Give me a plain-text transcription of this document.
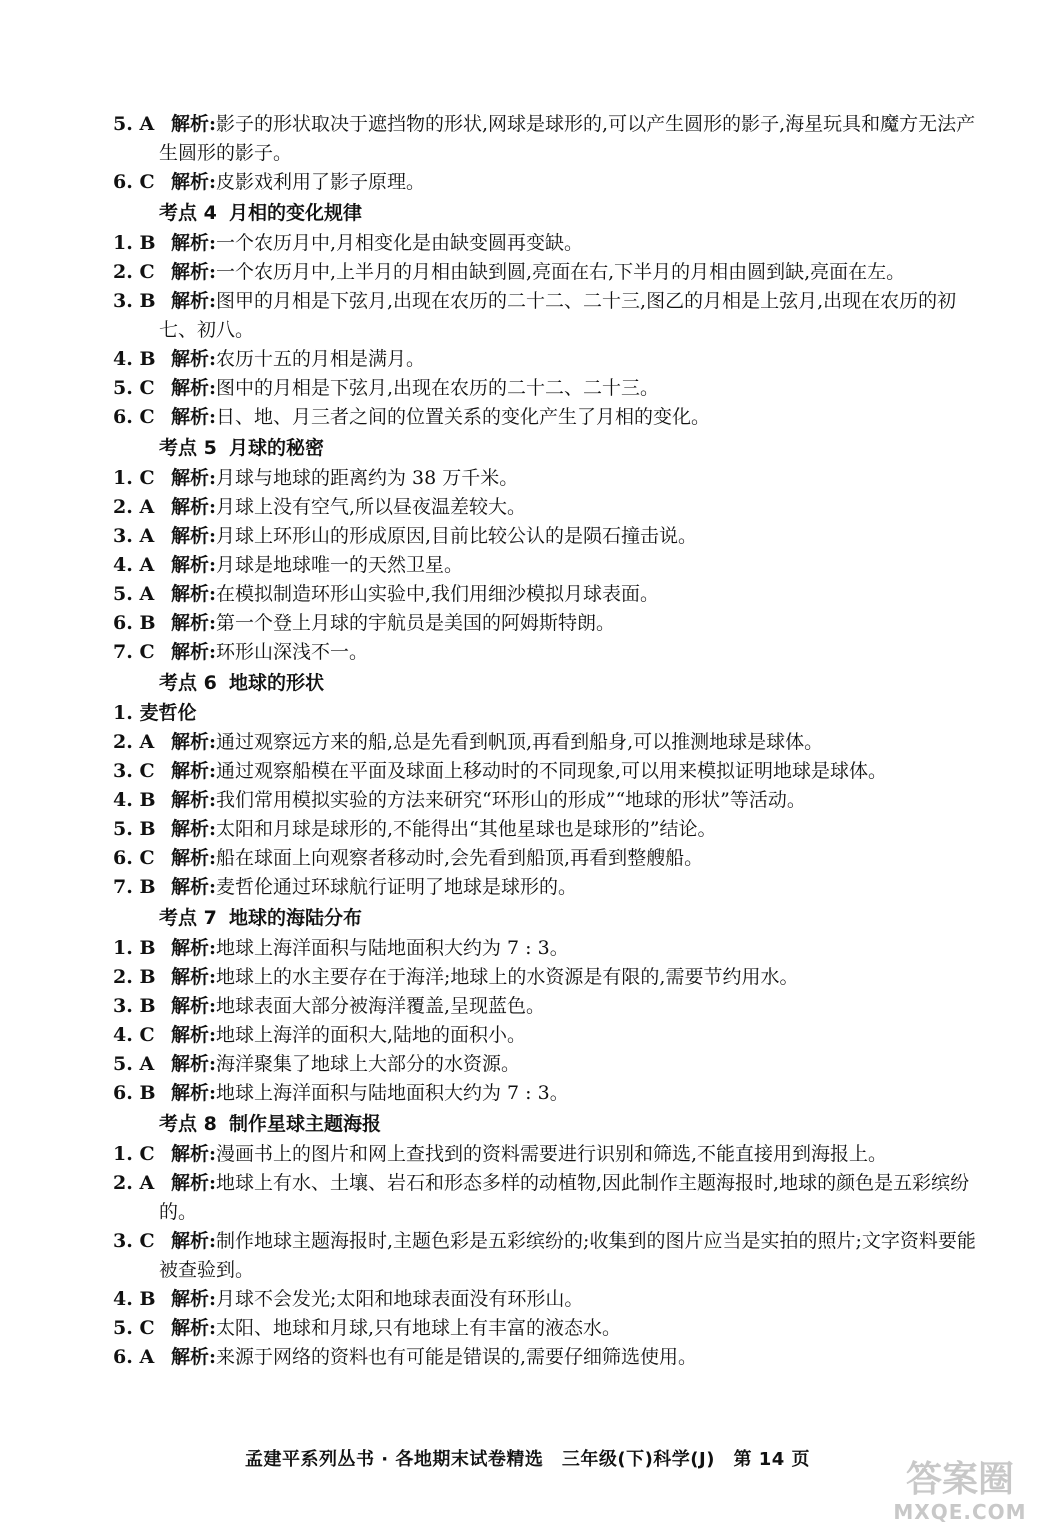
5. A 解析:影子的形状取决于遮挡物的形状,网球是球形的,可以产生圆形的影子,海星玩具和魔方无法产生圆形的影子。
6. C 解析:皮影戏利用了影子原理。
考点 4 月相的变化规律
1. B 解析:一个农历月中,月相变化是由缺变圆再变缺。
2. C 解析:一个农历月中,上半月的月相由缺到圆,亮面在右,下半月的月相由圆到缺,亮面在左。
3. B 解析:图甲的月相是下弦月,出现在农历的二十二、二十三,图乙的月相是上弦月,出现在农历的初七、初八。
4. B 解析:农历十五的月相是满月。
5. C 解析:图中的月相是下弦月,出现在农历的二十二、二十三。
6. C 解析:日、地、月三者之间的位置关系的变化产生了月相的变化。
考点 5 月球的秘密
1. C 解析:月球与地球的距离约为 38 万千米。
2. A 解析:月球上没有空气,所以昼夜温差较大。
3. A 解析:月球上环形山的形成原因,目前比较公认的是陨石撞击说。
4. A 解析:月球是地球唯一的天然卫星。
5. A 解析:在模拟制造环形山实验中,我们用细沙模拟月球表面。
6. B 解析:第一个登上月球的宇航员是美国的阿姆斯特朗。
7. C 解析:环形山深浅不一。
考点 6 地球的形状
1. 麦哲伦
2. A 解析:通过观察远方来的船,总是先看到帆顶,再看到船身,可以推测地球是球体。
3. C 解析:通过观察船模在平面及球面上移动时的不同现象,可以用来模拟证明地球是球体。
4. B 解析:我们常用模拟实验的方法来研究“环形山的形成”“地球的形状”等活动。
5. B 解析:太阳和月球是球形的,不能得出“其他星球也是球形的”结论。
6. C 解析:船在球面上向观察者移动时,会先看到船顶,再看到整艘船。
7. B 解析:麦哲伦通过环球航行证明了地球是球形的。
考点 7 地球的海陆分布
1. B 解析:地球上海洋面积与陆地面积大约为 7 : 3。
2. B 解析:地球上的水主要存在于海洋;地球上的水资源是有限的,需要节约用水。
3. B 解析:地球表面大部分被海洋覆盖,呈现蓝色。
4. C 解析:地球上海洋的面积大,陆地的面积小。
5. A 解析:海洋聚集了地球上大部分的水资源。
6. B 解析:地球上海洋面积与陆地面积大约为 7 : 3。
考点 8 制作星球主题海报
1. C 解析:漫画书上的图片和网上查找到的资料需要进行识别和筛选,不能直接用到海报上。
2. A 解析:地球上有水、土壤、岩石和形态多样的动植物,因此制作主题海报时,地球的颜色是五彩缤纷的。
3. C 解析:制作地球主题海报时,主题色彩是五彩缤纷的;收集到的图片应当是实拍的照片;文字资料要能被查验到。
4. B 解析:月球不会发光;太阳和地球表面没有环形山。
5. C 解析:太阳、地球和月球,只有地球上有丰富的液态水。
6. A 解析:来源于网络的资料也有可能是错误的,需要仔细筛选使用。
孟建平系列丛书 · 各地期末试卷精选　三年级(下)科学(J)　第 14 页	答案圈
MXQE.COM
